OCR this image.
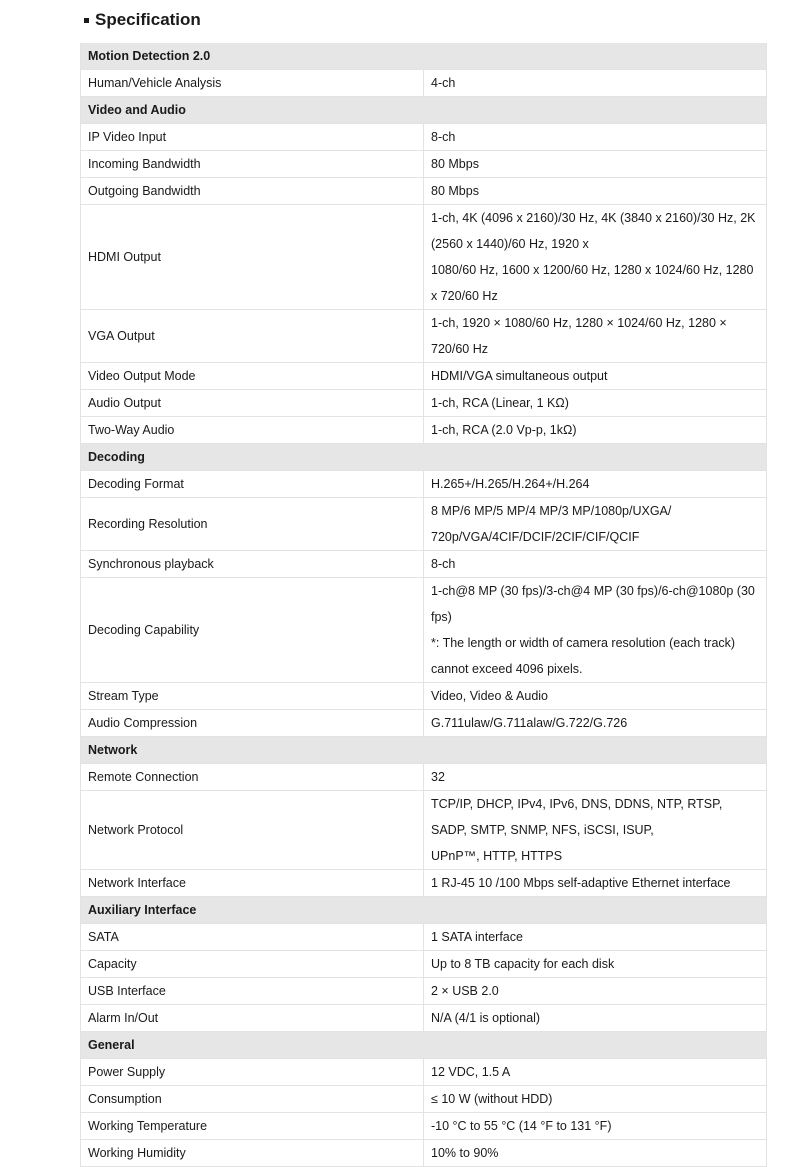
Specification
Motion Detection 2.0	
Human/Vehicle Analysis	4-ch

Video and Audio	
IP Video Input	8-ch

Incoming Bandwidth	80 Mbps

Outgoing Bandwidth	80 Mbps

HDMI Output	1-ch, 4K (4096 x 2160)/30 Hz, 4K (3840 x 2160)/30 Hz, 2K (2560 x 1440)/60 Hz, 1920 x
1080/60 Hz, 1600 x 1200/60 Hz, 1280 x 1024/60 Hz, 1280 x 720/60 Hz

VGA Output	1-ch, 1920 × 1080/60 Hz, 1280 × 1024/60 Hz, 1280 × 720/60 Hz

Video Output Mode	HDMI/VGA simultaneous output

Audio Output	1-ch, RCA (Linear, 1 KΩ)

Two-Way Audio	1-ch, RCA (2.0 Vp-p, 1kΩ)

Decoding	
Decoding Format	H.265+/H.265/H.264+/H.264

Recording Resolution	8 MP/6 MP/5 MP/4 MP/3 MP/1080p/UXGA/ 720p/VGA/4CIF/DCIF/2CIF/CIF/QCIF

Synchronous playback	8-ch

Decoding Capability	1-ch@8 MP (30 fps)/3-ch@4 MP (30 fps)/6-ch@1080p (30 fps)
*: The length or width of camera resolution (each track) cannot exceed 4096 pixels.

Stream Type	Video, Video & Audio

Audio Compression	G.711ulaw/G.711alaw/G.722/G.726

Network	
Remote Connection	32

Network Protocol	TCP/IP, DHCP, IPv4, IPv6, DNS, DDNS, NTP, RTSP, SADP, SMTP, SNMP, NFS, iSCSI, ISUP,
UPnP™, HTTP, HTTPS

Network Interface	1 RJ-45 10 /100 Mbps self-adaptive Ethernet interface

Auxiliary Interface	
SATA	1 SATA interface

Capacity	Up to 8 TB capacity for each disk

USB Interface	2 × USB 2.0

Alarm In/Out	N/A (4/1 is optional)

General	
Power Supply	12 VDC, 1.5 A

Consumption	≤ 10 W (without HDD)

Working Temperature	-10 °C to 55 °C (14 °F to 131 °F)

Working Humidity	10% to 90%
